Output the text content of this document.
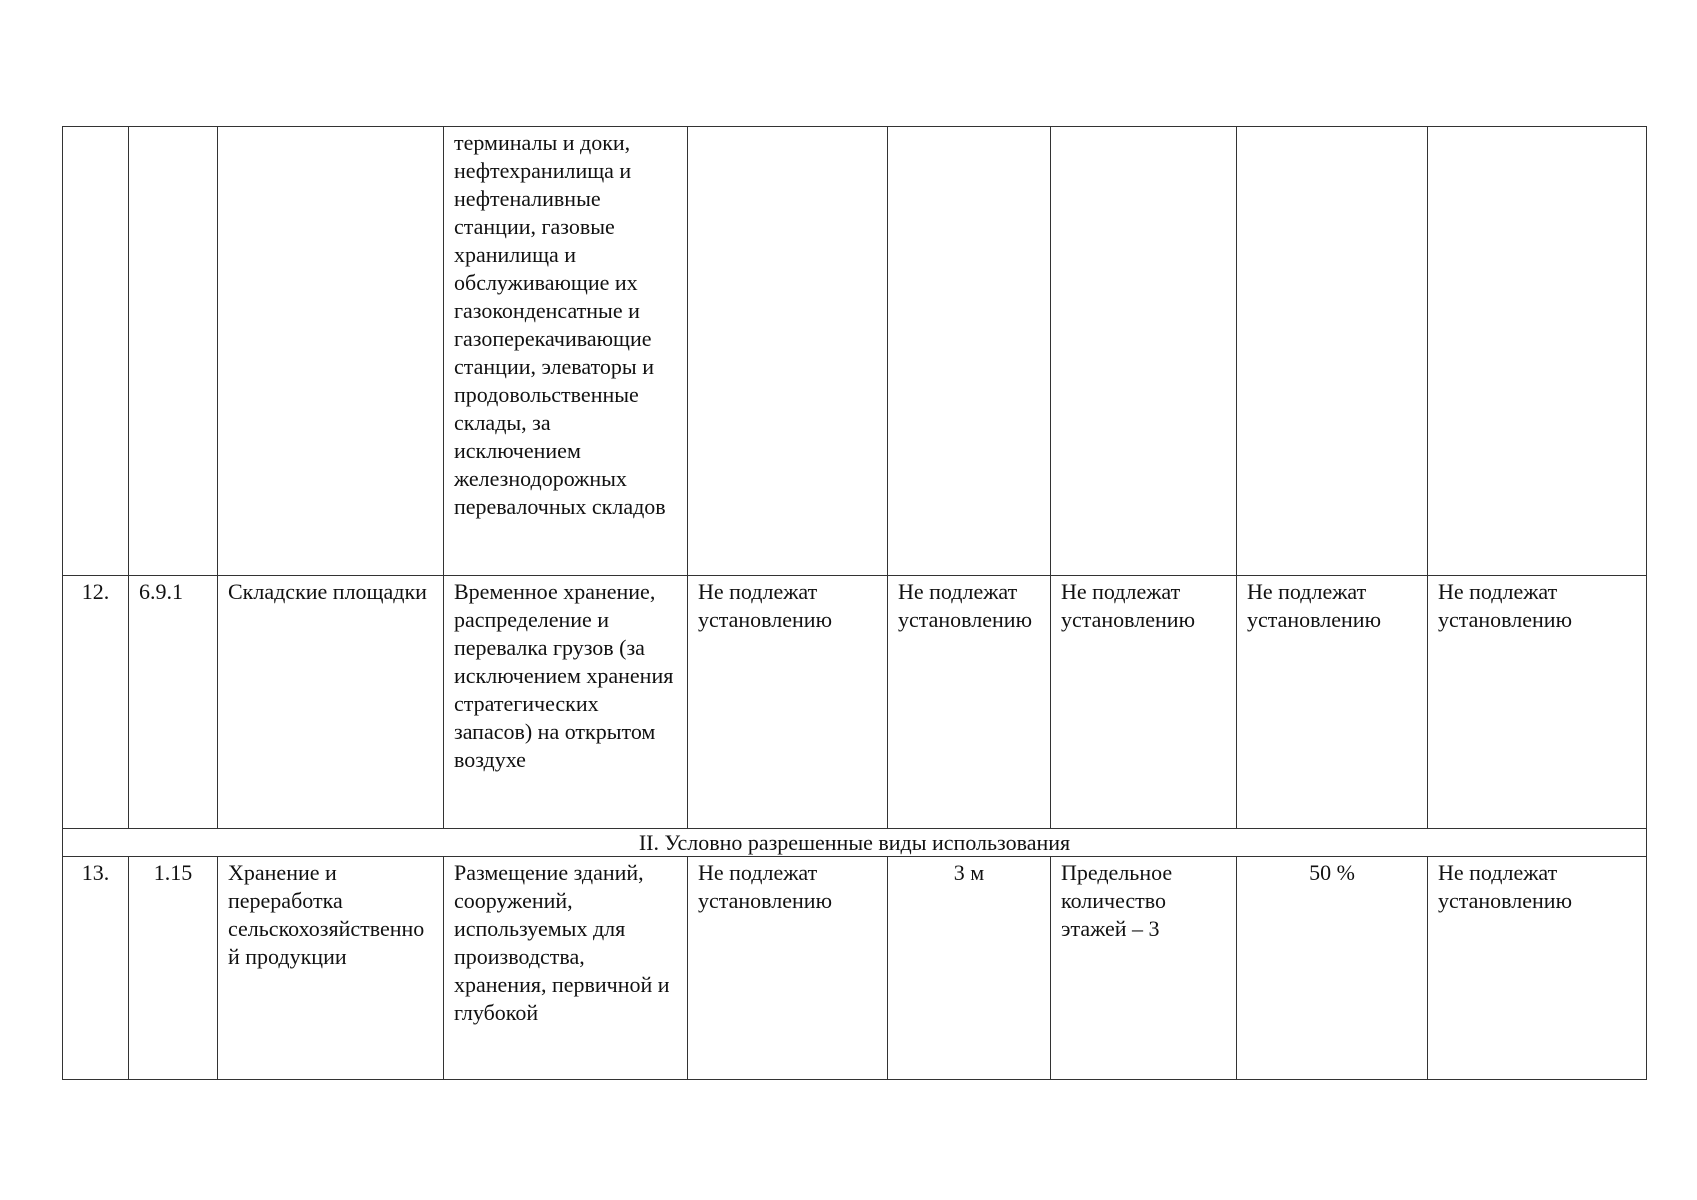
			терминалы и доки, нефтехранилища и нефтеналивные станции, газовые хранилища и обслуживающие их газоконденсатные и газоперекачивающие станции, элеваторы и продовольственные склады, за исключением железнодорожных перевалочных складов					

12.	6.9.1	Складские площадки	Временное хранение, распределение и перевалка грузов (за исключением хранения стратегических запасов) на открытом воздухе	Не подлежат установлению	Не подлежат установлению	Не подлежат установлению	Не подлежат установлению	Не подлежат установлению

II. Условно разрешенные виды использования								
13.	1.15	Хранение и переработка сельскохозяйственно й продукции	Размещение зданий, сооружений, используемых для производства, хранения, первичной и глубокой	Не подлежат установлению	3 м	Предельное количество этажей – 3	50 %	Не подлежат установлению
